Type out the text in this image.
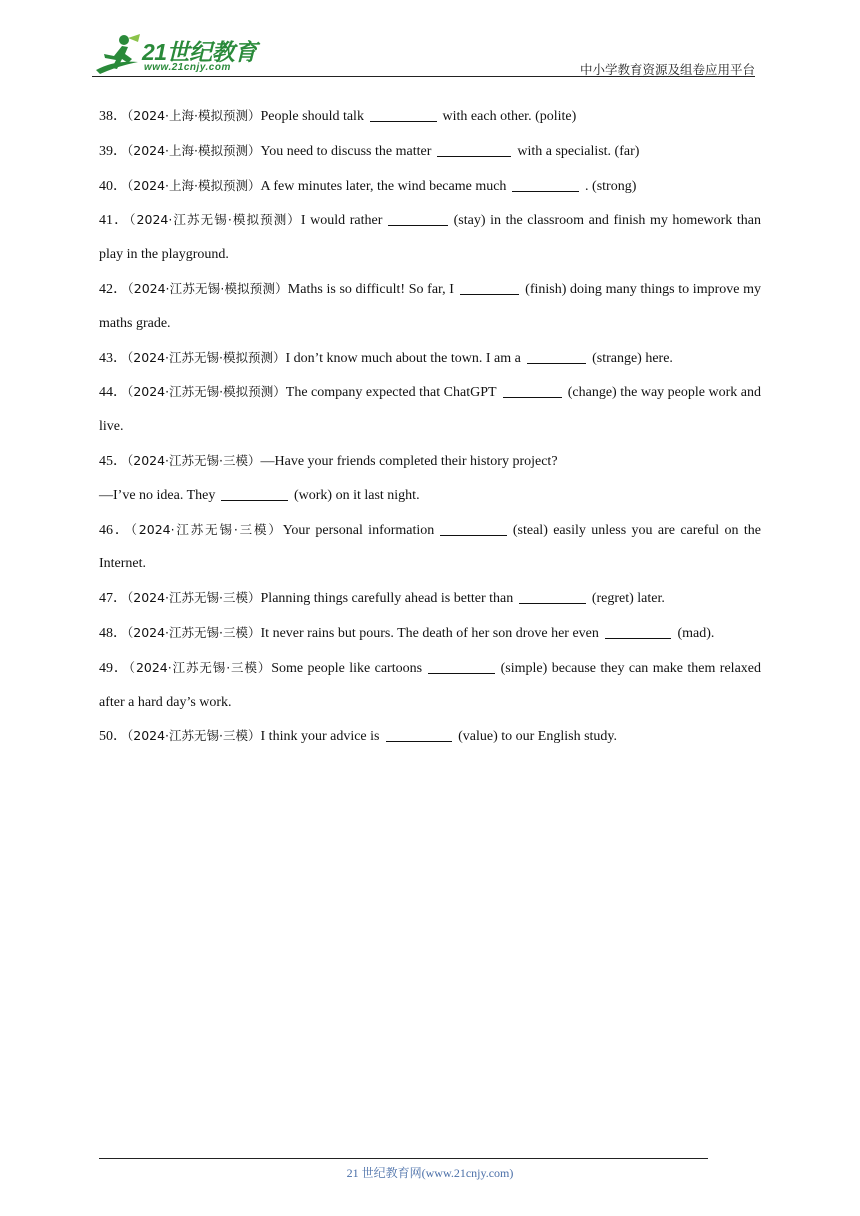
21世纪教育
www.21cnjy.com	中小学教育资源及组卷应用平台
38．（2024·上海·模拟预测）People should talk	with each other. (polite)
39．（2024·上海·模拟预测）You need to discuss the matter	with a specialist. (far)
40．（2024·上海·模拟预测）A few minutes later, the wind became much	. (strong)
41．（2024·江苏无锡·模拟预测）I would rather	(stay) in the classroom and finish my homework than play in the playground.
42．（2024·江苏无锡·模拟预测）Maths is so difficult! So far, I	(finish) doing many things to improve my maths grade.
43．（2024·江苏无锡·模拟预测）I don’t know much about the town. I am a	(strange) here.
44．（2024·江苏无锡·模拟预测）The company expected that ChatGPT	(change) the way people work and live.
45．（2024·江苏无锡·三模）—Have your friends completed their history project?
—I’ve no idea. They	(work) on it last night.
46．（2024·江苏无锡·三模）Your personal information	(steal) easily unless you are careful on the Internet.
47．（2024·江苏无锡·三模）Planning things carefully ahead is better than	(regret) later.
48．（2024·江苏无锡·三模）It never rains but pours. The death of her son drove her even	(mad).
49．（2024·江苏无锡·三模）Some people like cartoons	(simple) because they can make them relaxed after a hard day’s work.
50．（2024·江苏无锡·三模）I think your advice is	(value) to our English study.
21 世纪教育网(www.21cnjy.com)
